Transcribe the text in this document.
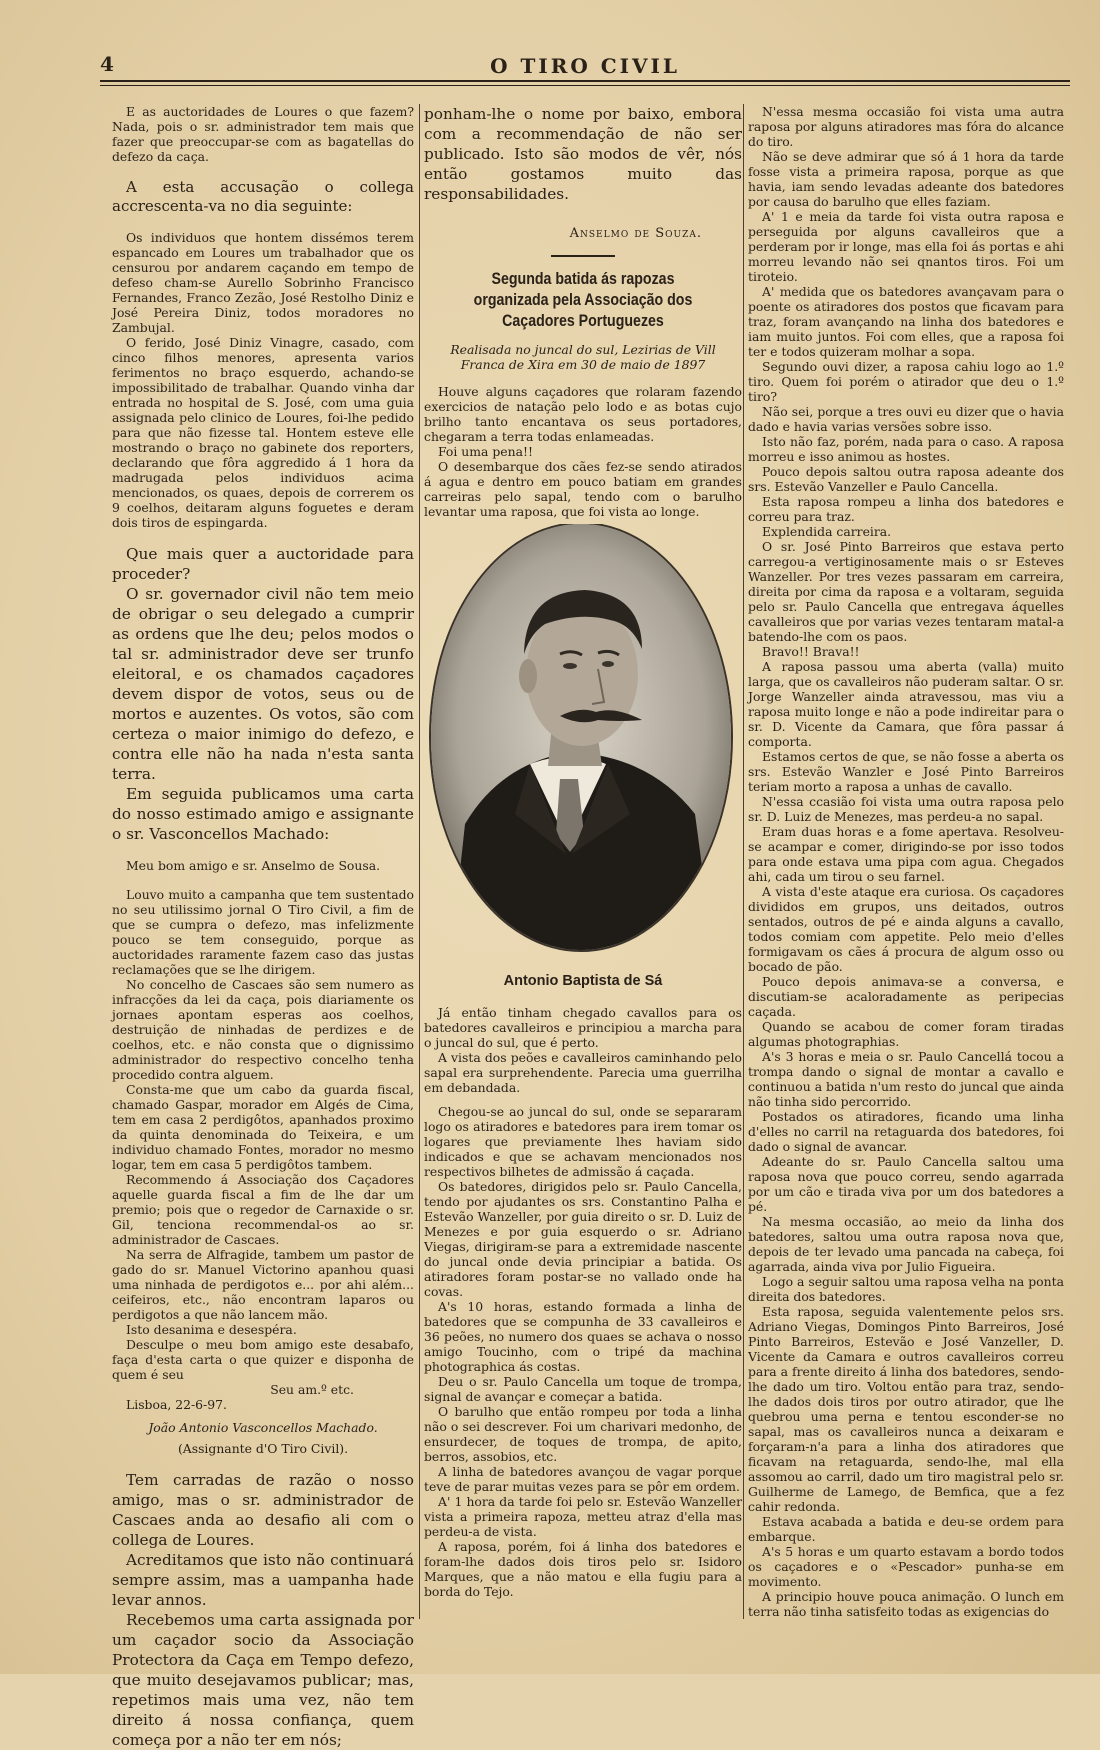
4	O TIRO CIVIL

E as auctoridades de Loures o que fazem? Nada, pois o sr. administrador tem mais que fazer que preoccupar-se com as bagatellas do defezo da caça.

A esta accusação o collega accrescenta-va no dia seguinte:

Os individuos que hontem dissémos terem espancado em Loures um trabalhador que os censurou por andarem caçando em tempo de defeso cham-se Aurello Sobrinho Francisco Fernandes, Franco Zezão, José Restolho Diniz e José Pereira Diniz, todos moradores no Zambujal.

O ferido, José Diniz Vinagre, casado, com cinco filhos menores, apresenta varios ferimentos no braço esquerdo, achando-se impossibilitado de trabalhar. Quando vinha dar entrada no hospital de S. José, com uma guia assignada pelo clinico de Loures, foi-lhe pedido para que não fizesse tal. Hontem esteve elle mostrando o braço no gabinete dos reporters, declarando que fôra aggredido á 1 hora da madrugada pelos individuos acima mencionados, os quaes, depois de correrem os 9 coelhos, deitaram alguns foguetes e deram dois tiros de espingarda.

Que mais quer a auctoridade para proceder?

O sr. governador civil não tem meio de obrigar o seu delegado a cumprir as ordens que lhe deu; pelos modos o tal sr. administrador deve ser trunfo eleitoral, e os chamados caçadores devem dispor de votos, seus ou de mortos e auzentes. Os votos, são com certeza o maior inimigo do defezo, e contra elle não ha nada n'esta santa terra.

Em seguida publicamos uma carta do nosso estimado amigo e assignante o sr. Vasconcellos Machado:

Meu bom amigo e sr. Anselmo de Sousa.

Louvo muito a campanha que tem sustentado no seu utilissimo jornal O Tiro Civil, a fim de que se cumpra o defezo, mas infelizmente pouco se tem conseguido, porque as auctoridades raramente fazem caso das justas reclamações que se lhe dirigem.

No concelho de Cascaes são sem numero as infracções da lei da caça, pois diariamente os jornaes apontam esperas aos coelhos, destruição de ninhadas de perdizes e de coelhos, etc. e não consta que o dignissimo administrador do respectivo concelho tenha procedido contra alguem.

Consta-me que um cabo da guarda fiscal, chamado Gaspar, morador em Algés de Cima, tem em casa 2 perdigôtos, apanhados proximo da quinta denominada do Teixeira, e um individuo chamado Fontes, morador no mesmo logar, tem em casa 5 perdigôtos tambem.

Recommendo á Associação dos Caçadores aquelle guarda fiscal a fim de lhe dar um premio; pois que o regedor de Carnaxide o sr. Gil, tenciona recommendal-os ao sr. administrador de Cascaes.

Na serra de Alfragide, tambem um pastor de gado do sr. Manuel Victorino apanhou quasi uma ninhada de perdigotos e... por ahi além... ceifeiros, etc., não encontram laparos ou perdigotos a que não lancem mão.

Isto desanima e desespéra.

Desculpe o meu bom amigo este desabafo, faça d'esta carta o que quizer e disponha de quem é seu

Seu am.º etc.

Lisboa, 22-6-97.

João Antonio Vasconcellos Machado.

(Assignante d'O Tiro Civil).

Tem carradas de razão o nosso amigo, mas o sr. administrador de Cascaes anda ao desafio ali com o collega de Loures.

Acreditamos que isto não continuará sempre assim, mas a uampanha hade levar annos.

Recebemos uma carta assignada por um caçador socio da Associação Protectora da Caça em Tempo defezo, que muito desejavamos publicar; mas, repetimos mais uma vez, não tem direito á nossa confiança, quem começa por a não ter em nós;

ponham-lhe o nome por baixo, embora com a recommendação de não ser publicado. Isto são modos de vêr, nós então gostamos muito das responsabilidades.

Anselmo de Souza.
Segunda batida ás rapozas organizada pela Associação dos Caçadores Portuguezes
Realisada no juncal do sul, Lezirias de Vill Franca de Xira em 30 de maio de 1897

Houve alguns caçadores que rolaram fazendo exercicios de natação pelo lodo e as botas cujo brilho tanto encantava os seus portadores, chegaram a terra todas enlameadas.

Foi uma pena!!

O desembarque dos cães fez-se sendo atirados á agua e dentro em pouco batiam em grandes carreiras pelo sapal, tendo com o barulho levantar uma raposa, que foi vista ao longe.

Antonio Baptista de Sá

Já então tinham chegado cavallos para os batedores cavalleiros e principiou a marcha para o juncal do sul, que é perto.

A vista dos peões e cavalleiros caminhando pelo sapal era surprehendente. Parecia uma guerrilha em debandada.

Chegou-se ao juncal do sul, onde se separaram logo os atiradores e batedores para irem tomar os logares que previamente lhes haviam sido indicados e que se achavam mencionados nos respectivos bilhetes de admissão á caçada.

Os batedores, dirigidos pelo sr. Paulo Cancella, tendo por ajudantes os srs. Constantino Palha e Estevão Wanzeller, por guia direito o sr. D. Luiz de Menezes e por guia esquerdo o sr. Adriano Viegas, dirigiram-se para a extremidade nascente do juncal onde devia principiar a batida. Os atiradores foram postar-se no vallado onde ha covas.

A's 10 horas, estando formada a linha de batedores que se compunha de 33 cavalleiros e 36 peões, no numero dos quaes se achava o nosso amigo Toucinho, com o tripé da machina photographica ás costas.

Deu o sr. Paulo Cancella um toque de trompa, signal de avançar e começar a batida.

O barulho que então rompeu por toda a linha não o sei descrever. Foi um charivari medonho, de ensurdecer, de toques de trompa, de apito, berros, assobios, etc.

A linha de batedores avançou de vagar porque teve de parar muitas vezes para se pôr em ordem.

A' 1 hora da tarde foi pelo sr. Estevão Wanzeller vista a primeira rapoza, metteu atraz d'ella mas perdeu-a de vista.

A raposa, porém, foi á linha dos batedores e foram-lhe dados dois tiros pelo sr. Isidoro Marques, que a não matou e ella fugiu para a borda do Tejo.

N'essa mesma occasião foi vista uma autra raposa por alguns atiradores mas fóra do alcance do tiro.

Não se deve admirar que só á 1 hora da tarde fosse vista a primeira raposa, porque as que havia, iam sendo levadas adeante dos batedores por causa do barulho que elles faziam.

A' 1 e meia da tarde foi vista outra raposa e perseguida por alguns cavalleiros que a perderam por ir longe, mas ella foi ás portas e ahi morreu levando não sei qnantos tiros. Foi um tiroteio.

A' medida que os batedores avançavam para o poente os atiradores dos postos que ficavam para traz, foram avançando na linha dos batedores e iam muito juntos. Foi com elles, que a raposa foi ter e todos quizeram molhar a sopa.

Segundo ouvi dizer, a raposa cahiu logo ao 1.º tiro. Quem foi porém o atirador que deu o 1.º tiro?

Não sei, porque a tres ouvi eu dizer que o havia dado e havia varias versões sobre isso.

Isto não faz, porém, nada para o caso. A raposa morreu e isso animou as hostes.

Pouco depois saltou outra raposa adeante dos srs. Estevão Vanzeller e Paulo Cancella.

Esta raposa rompeu a linha dos batedores e correu para traz.

Explendida carreira.

O sr. José Pinto Barreiros que estava perto carregou-a vertiginosamente mais o sr Esteves Wanzeller. Por tres vezes passaram em carreira, direita por cima da raposa e a voltaram, seguida pelo sr. Paulo Cancella que entregava áquelles cavalleiros que por varias vezes tentaram matal-a batendo-lhe com os paos.

Bravo!! Brava!!

A raposa passou uma aberta (valla) muito larga, que os cavalleiros não puderam saltar. O sr. Jorge Wanzeller ainda atravessou, mas viu a raposa muito longe e não a pode indireitar para o sr. D. Vicente da Camara, que fôra passar á comporta.

Estamos certos de que, se não fosse a aberta os srs. Estevão Wanzler e José Pinto Barreiros teriam morto a raposa a unhas de cavallo.

N'essa ccasião foi vista uma outra raposa pelo sr. D. Luiz de Menezes, mas perdeu-a no sapal.

Eram duas horas e a fome apertava. Resolveu-se acampar e comer, dirigindo-se por isso todos para onde estava uma pipa com agua. Chegados ahi, cada um tirou o seu farnel.

A vista d'este ataque era curiosa. Os caçadores divididos em grupos, uns deitados, outros sentados, outros de pé e ainda alguns a cavallo, todos comiam com appetite. Pelo meio d'elles formigavam os cães á procura de algum osso ou bocado de pão.

Pouco depois animava-se a conversa, e discutiam-se acaloradamente as peripecias caçada.

Quando se acabou de comer foram tiradas algumas photographias.

A's 3 horas e meia o sr. Paulo Cancellá tocou a trompa dando o signal de montar a cavallo e continuou a batida n'um resto do juncal que ainda não tinha sido percorrido.

Postados os atiradores, ficando uma linha d'elles no carril na retaguarda dos batedores, foi dado o signal de avancar.

Adeante do sr. Paulo Cancella saltou uma raposa nova que pouco correu, sendo agarrada por um cão e tirada viva por um dos batedores a pé.

Na mesma occasião, ao meio da linha dos batedores, saltou uma outra raposa nova que, depois de ter levado uma pancada na cabeça, foi agarrada, ainda viva por Julio Figueira.

Logo a seguir saltou uma raposa velha na ponta direita dos batedores.

Esta raposa, seguida valentemente pelos srs. Adriano Viegas, Domingos Pinto Barreiros, José Pinto Barreiros, Estevão e José Vanzeller, D. Vicente da Camara e outros cavalleiros correu para a frente direito á linha dos batedores, sendo-lhe dado um tiro. Voltou então para traz, sendo-lhe dados dois tiros por outro atirador, que lhe quebrou uma perna e tentou esconder-se no sapal, mas os cavalleiros nunca a deixaram e forçaram-n'a para a linha dos atiradores que ficavam na retaguarda, sendo-lhe, mal ella assomou ao carril, dado um tiro magistral pelo sr. Guilherme de Lamego, de Bemfica, que a fez cahir redonda.

Estava acabada a batida e deu-se ordem para embarque.

A's 5 horas e um quarto estavam a bordo todos os caçadores e o «Pescador» punha-se em movimento.

A principio houve pouca animação. O lunch em terra não tinha satisfeito todas as exigencias do
